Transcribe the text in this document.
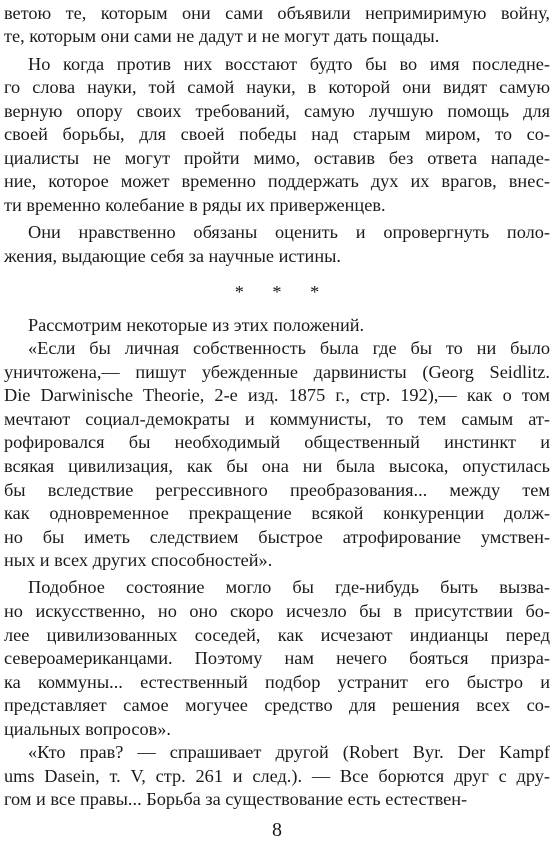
ветою те, которым они сами объявили непримиримую войну,
те, которым они сами не дадут и не могут дать пощады.
Но когда против них восстают будто бы во имя последне-
го слова науки, той самой науки, в которой они видят самую
верную опору своих требований, самую лучшую помощь для
своей борьбы, для своей победы над старым миром, то со-
циалисты не могут пройти мимо, оставив без ответа нападе-
ние, которое может временно поддержать дух их врагов, внес-
ти временно колебание в ряды их приверженцев.
Они нравственно обязаны оценить и опровергнуть поло-
жения, выдающие себя за научные истины.
* * *
Рассмотрим некоторые из этих положений.
«Если бы личная собственность была где бы то ни было
уничтожена,— пишут убежденные дарвинисты (Georg Seidlitz.
Die Darwinische Theorie, 2-е изд. 1875 г., стр. 192),— как о том
мечтают социал-демократы и коммунисты, то тем самым ат-
рофировался бы необходимый общественный инстинкт и
всякая цивилизация, как бы она ни была высока, опустилась
бы вследствие регрессивного преобразования... между тем
как одновременное прекращение всякой конкуренции долж-
но бы иметь следствием быстрое атрофирование умствен-
ных и всех других способностей».
Подобное состояние могло бы где-нибудь быть вызва-
но искусственно, но оно скоро исчезло бы в присутствии бо-
лее цивилизованных соседей, как исчезают индианцы перед
североамериканцами. Поэтому нам нечего бояться призра-
ка коммуны... естественный подбор устранит его быстро и
представляет самое могучее средство для решения всех со-
циальных вопросов».
«Кто прав? — спрашивает другой (Robert Byr. Der Kampf
ums Dasein, т. V, стр. 261 и след.). — Все борются друг с дру-
гом и все правы... Борьба за существование есть естествен-
8
